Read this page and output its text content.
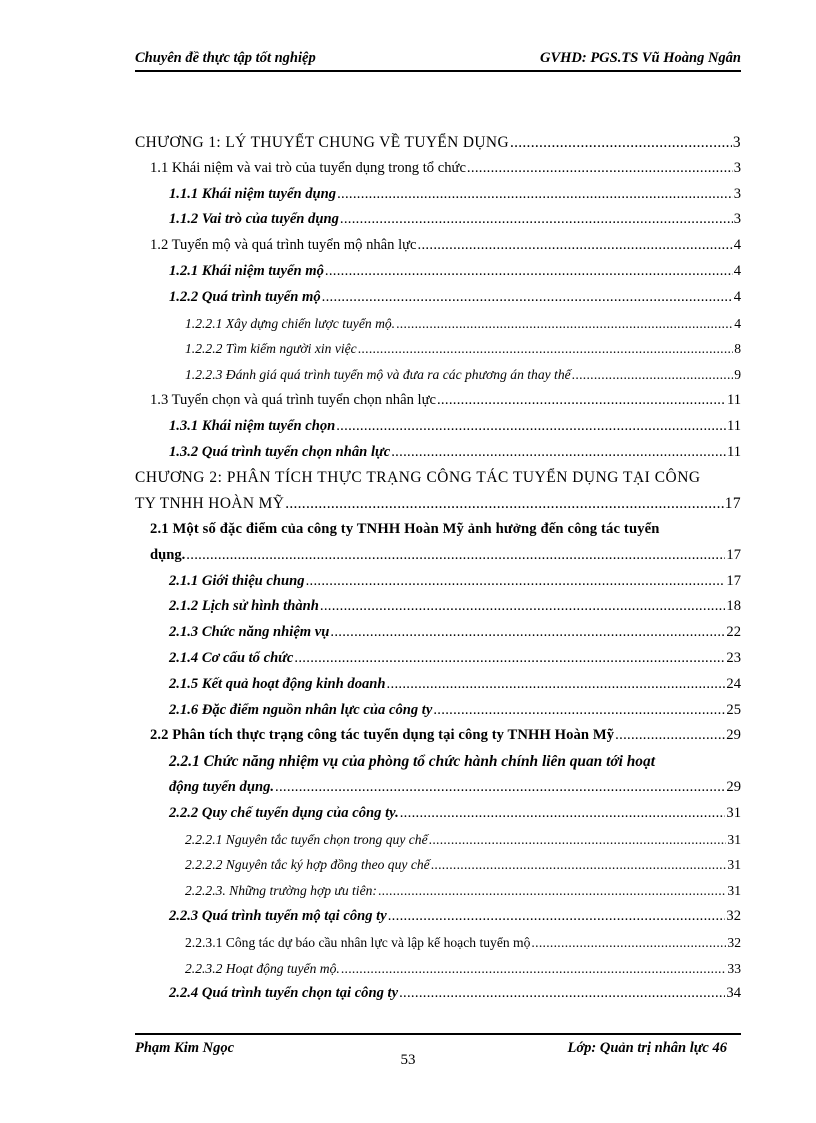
Chuyên đề thực tập tốt nghiệp	GVHD: PGS.TS Vũ Hoàng Ngân
CHƯƠNG 1: LÝ THUYẾT CHUNG VỀ TUYỂN DỤNG .....	3
1.1 Khái niệm và vai trò của tuyển dụng trong tổ chức .....	3
1.1.1 Khái niệm tuyển dụng .....	3
1.1.2 Vai trò của tuyển dụng .....	3
1.2 Tuyển mộ và quá trình tuyển mộ nhân lực .....	4
1.2.1 Khái niệm tuyển mộ .....	4
1.2.2 Quá trình tuyển mộ .....	4
1.2.2.1 Xây dựng chiến lược tuyển mộ. .....	4
1.2.2.2 Tìm kiếm người xin việc .....	8
1.2.2.3 Đánh giá quá trình tuyển mộ và đưa ra các phương án thay thế .....	9
1.3 Tuyển chọn và quá trình tuyển chọn nhân lực .....	11
1.3.1 Khái niệm tuyển chọn .....	11
1.3.2 Quá trình tuyển chọn nhân lực .....	11
CHƯƠNG 2: PHÂN TÍCH THỰC TRẠNG CÔNG TÁC TUYỂN DỤNG TẠI CÔNG
TY TNHH HOÀN MỸ .....	17
2.1 Một số đặc điểm của công ty TNHH Hoàn Mỹ ảnh hưởng đến công tác tuyển
dụng. .....	17
2.1.1 Giới thiệu chung .....	17
2.1.2 Lịch sử hình thành .....	18
2.1.3 Chức năng nhiệm vụ .....	22
2.1.4 Cơ cấu tổ chức .....	23
2.1.5 Kết quả hoạt động kinh doanh .....	24
2.1.6 Đặc điểm nguồn nhân lực của công ty .....	25
2.2 Phân tích thực trạng công tác tuyển dụng tại công ty TNHH Hoàn Mỹ .....	29
2.2.1 Chức năng nhiệm vụ của phòng tổ chức hành chính liên quan tới hoạt
động tuyển dụng. .....	29
2.2.2 Quy chế tuyển dụng của công ty. .....	31
2.2.2.1 Nguyên tắc tuyển chọn trong quy chế .....	31
2.2.2.2 Nguyên tắc ký hợp đồng theo quy chế .....	31
2.2.2.3. Những trường hợp ưu tiên: .....	31
2.2.3 Quá trình tuyển mộ tại công ty .....	32
2.2.3.1 Công tác dự báo cầu nhân lực và lập kế hoạch tuyển mộ .....	32
2.2.3.2 Hoạt động tuyển mộ. .....	33
2.2.4 Quá trình tuyển chọn tại công ty .....	34
Phạm Kim Ngọc	Lớp: Quản trị nhân lực 46
53
